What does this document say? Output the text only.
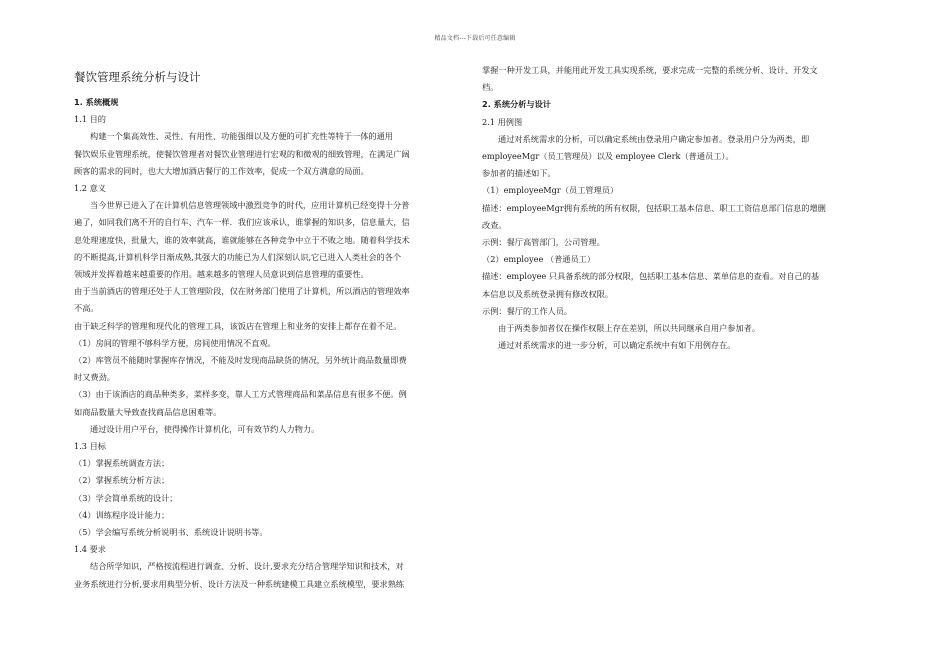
精品文档---下载后可任意编辑
餐饮管理系统分析与设计
1. 系统概规
1.1 目的
构建一个集高效性、灵性、有用性、功能强细以及方便的可扩充性等特于一体的通用
餐饮娱乐业管理系统，使餐饮管理者对餐饮业管理进行宏观的和微观的细致管理，在满足广阔
顾客的需求的同时，也大大增加酒店餐厅的工作效率，促成一个双方满意的局面。
1.2 意义
当今世界已进入了在计算机信息管理领域中激烈竞争的时代，应用计算机已经变得十分普
遍了，如同我们离不开的自行车、汽车一样．我们应该承认，谁掌握的知识多，信息量大，信
息处理速度快，批量大，谁的效率就高，谁就能够在各种竞争中立于不败之地。随着科学技术
的不断提高,计算机科学日渐成熟,其强大的功能已为人们深刻认识,它已进入人类社会的各个
领域并发挥着越来越重要的作用。越来越多的管理人员意识到信息管理的重要性。
由于当前酒店的管理还处于人工管理阶段，仅在财务部门使用了计算机，所以酒店的管理效率
不高。
由于缺乏科学的管理和现代化的管理工具，该饭店在管理上和业务的安排上都存在着不足。
（1）房间的管理不够科学方便，房间使用情况不直观。
（2）库管员不能随时掌握库存情况，不能及时发现商品缺货的情况，另外统计商品数量即费
时又费劲。
（3）由于该酒店的商品种类多，菜样多变，靠人工方式管理商品和菜品信息有很多不便。例
如商品数量大导致查找商品信息困难等。
通过设计用户平台，使得操作计算机化，可有效节约人力物力。
1.3 目标
（1）掌握系统调查方法；
（2）掌握系统分析方法；
（3）学会简单系统的设计；
（4）训练程序设计能力；
（5）学会编写系统分析说明书、系统设计说明书等。
1.4 要求
结合所学知识，严格按流程进行调查、分析、设计,要求充分结合管理学知识和技术，对
业务系统进行分析,要求用典型分析、设计方法及一种系统建模工具建立系统模型，要求熟练
掌握一种开发工具，并能用此开发工具实现系统，要求完成一完整的系统分析、设计、开发文
档。
2. 系统分析与设计
2.1 用例图
通过对系统需求的分析，可以确定系统由登录用户确定参加者。登录用户分为两类，即
employeeMgr（员工管理员）以及 employee Clerk（普通员工）。
参加者的描述如下。
（1）employeeMgr（员工管理员）
描述：employeeMgr拥有系统的所有权限，包括职工基本信息、职工工资信息部门信息的增删
改查。
示例：餐厅高管部门，公司管理。
（2）employee （普通员工）
描述：employee 只具备系统的部分权限，包括职工基本信息、菜单信息的查看。对自己的基
本信息以及系统登录拥有修改权限。
示例：餐厅的工作人员。
由于两类参加者仅在操作权限上存在差别，所以共同继承自用户参加者。
通过对系统需求的进一步分析，可以确定系统中有如下用例存在。
